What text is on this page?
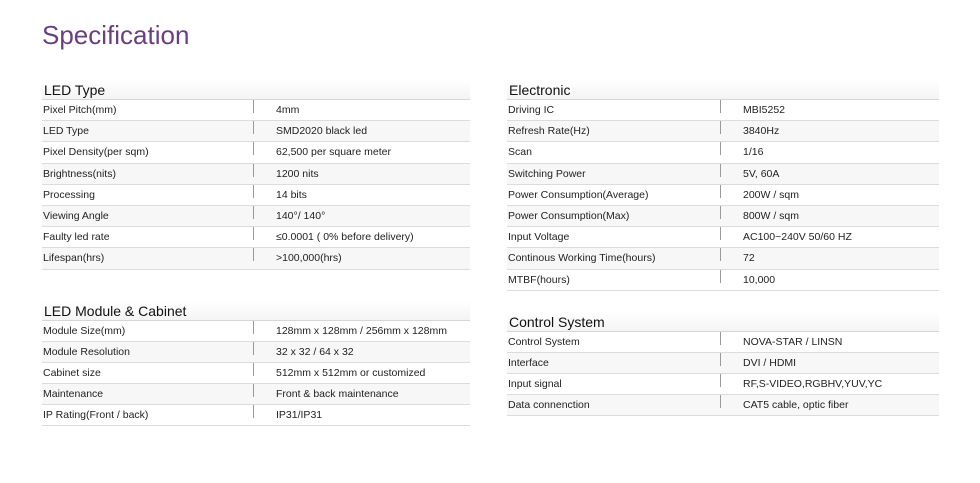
Specification
LED Type
Pixel Pitch(mm)	4mm
LED Type	SMD2020 black led
Pixel Density(per sqm)	62,500 per square meter
Brightness(nits)	1200 nits
Processing	14 bits
Viewing Angle	140°/ 140°
Faulty led rate	≤0.0001 ( 0% before delivery)
Lifespan(hrs)	>100,000(hrs)
LED Module & Cabinet
Module Size(mm)	128mm x 128mm / 256mm x 128mm
Module Resolution	32 x 32 / 64 x 32
Cabinet size	512mm x 512mm or customized
Maintenance	Front & back maintenance
IP Rating(Front / back)	IP31/IP31
Electronic
Driving IC	MBI5252
Refresh Rate(Hz)	3840Hz
Scan	1/16
Switching Power	5V, 60A
Power Consumption(Average)	200W / sqm
Power Consumption(Max)	800W / sqm
Input Voltage	AC100~240V 50/60 HZ
Continous Working Time(hours)	72
MTBF(hours)	10,000
Control System
Control System	NOVA-STAR / LINSN
Interface	DVI / HDMI
Input signal	RF,S-VIDEO,RGBHV,YUV,YC
Data connenction	CAT5 cable, optic fiber
